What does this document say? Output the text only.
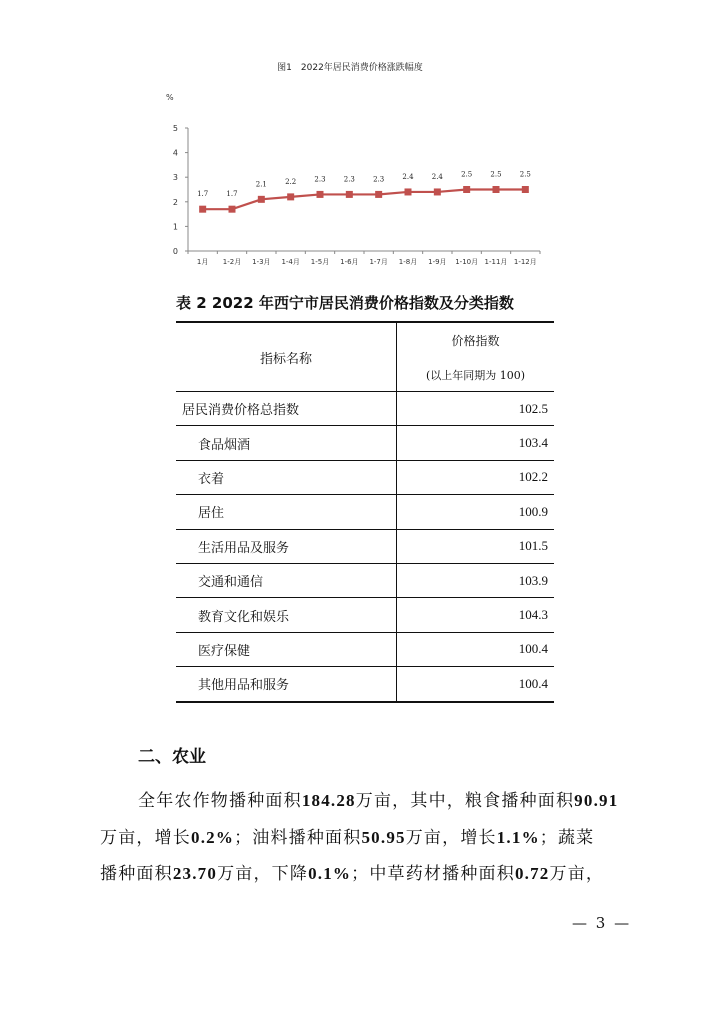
图1　2022年居民消费价格涨跌幅度
%
0
1
2
3
4
5
1月 1-2月 1-3月 1-4月 1-5月 1-6月 1-7月 1-8月 1-9月 1-10月 1-11月 1-12月
1.7	1.7
2.1	2.2	2.3	2.3	2.3	2.4	2.4	2.5	2.5	2.5
表 2 2022 年西宁市居民消费价格指数及分类指数
指标名称	价格指数
(以上年同期为 100)

居民消费价格总指数	102.5
食品烟酒	103.4
衣着	102.2
居住	100.9
生活用品及服务	101.5
交通和通信	103.9
教育文化和娱乐	104.3
医疗保健	100.4
其他用品和服务	100.4
二、农业
全年农作物播种面积184.28万亩，其中，粮食播种面积90.91
万亩，增长0.2%；油料播种面积50.95万亩，增长1.1%；蔬菜
播种面积23.70万亩，下降0.1%；中草药材播种面积0.72万亩，
— 3 —
